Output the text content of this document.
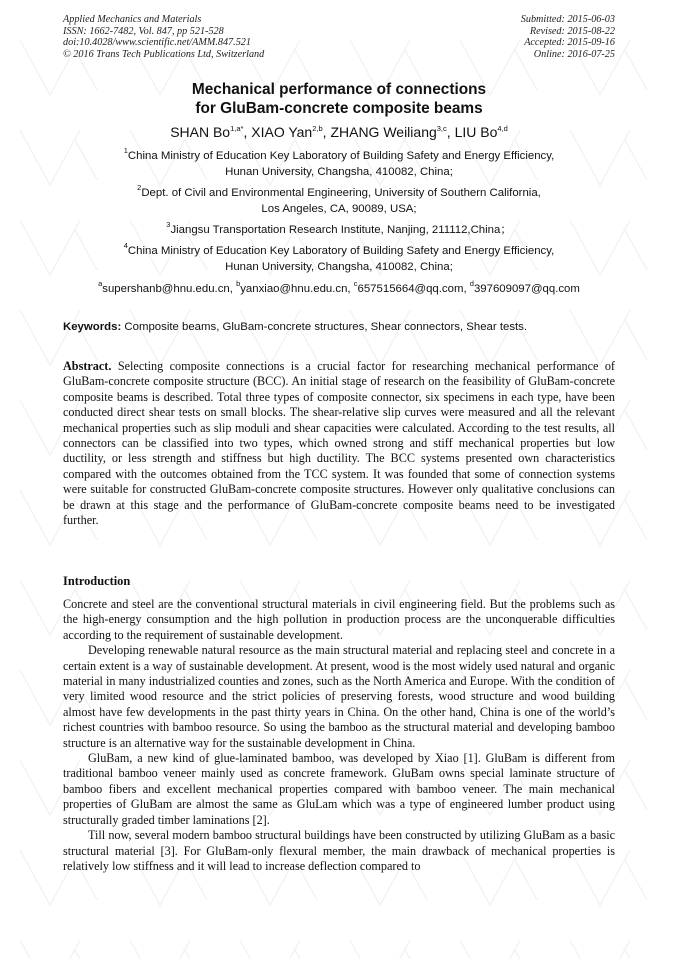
Applied Mechanics and Materials
ISSN: 1662-7482, Vol. 847, pp 521-528
doi:10.4028/www.scientific.net/AMM.847.521
© 2016 Trans Tech Publications Ltd, Switzerland
Submitted: 2015-06-03
Revised: 2015-08-22
Accepted: 2015-09-16
Online: 2016-07-25
Mechanical performance of connections
for GluBam-concrete composite beams
SHAN $Bo^{1,a*}$, XIAO Yan$^{2,b}$, ZHANG Weiliang$^{3,c}$, LIU Bo$^{4,d}$
$^1$China Ministry of Education Key Laboratory of Building Safety and Energy Efficiency,
Hunan University, Changsha, 410082, China;
$^2$Dept. of Civil and Environmental Engineering, University of Southern California,
Los Angeles, CA, 90089, USA;
$^3$Jiangsu Transportation Research Institute, Nanjing, 211112,China；
$^4$China Ministry of Education Key Laboratory of Building Safety and Energy Efficiency,
Hunan University, Changsha, 410082, China;
$^a$supershanb@hnu.edu.cn, $^b$yanxiao@hnu.edu.cn, $^c$657515664@qq.com, $^d$397609097@qq.com
Keywords: Composite beams, GluBam-concrete structures, Shear connectors, Shear tests.

Abstract. Selecting composite connections is a crucial factor for researching mechanical performance of GluBam-concrete composite structure (BCC). An initial stage of research on the feasibility of GluBam-concrete composite beams is described. Total three types of composite connector, six specimens in each type, have been conducted direct shear tests on small blocks. The shear-relative slip curves were measured and all the relevant mechanical properties such as slip moduli and shear capacities were calculated. According to the test results, all connectors can be classified into two types, which owned strong and stiff mechanical properties but low ductility, or less strength and stiffness but high ductility. The BCC systems presented own characteristics compared with the outcomes obtained from the TCC system. It was founded that some of connection systems were suitable for constructed GluBam-concrete composite structures. However only qualitative conclusions can be drawn at this stage and the performance of GluBam-concrete composite beams need to be investigated further.

Introduction

Concrete and steel are the conventional structural materials in civil engineering field. But the problems such as the high-energy consumption and the high pollution in production process are the unconquerable difficulties according to the requirement of sustainable development.

Developing renewable natural resource as the main structural material and replacing steel and concrete in a certain extent is a way of sustainable development. At present, wood is the most widely used natural and organic material in many industrialized counties and zones, such as the North America and Europe. With the condition of very limited wood resource and the strict policies of preserving forests, wood structure and wood building almost have few developments in the past thirty years in China. On the other hand, China is one of the world’s richest countries with bamboo resource. So using the bamboo as the structural material and developing bamboo structure is an alternative way for the sustainable development in China.

GluBam, a new kind of glue-laminated bamboo, was developed by Xiao [1]. GluBam is different from traditional bamboo veneer mainly used as concrete framework. GluBam owns special laminate structure of bamboo fibers and excellent mechanical properties compared with bamboo veneer. The main mechanical properties of GluBam are almost the same as GluLam which was a type of engineered lumber product using structurally graded timber laminations [2].

Till now, several modern bamboo structural buildings have been constructed by utilizing GluBam as a basic structural material [3]. For GluBam-only flexural member, the main drawback of mechanical properties is relatively low stiffness and it will lead to increase deflection compared to
